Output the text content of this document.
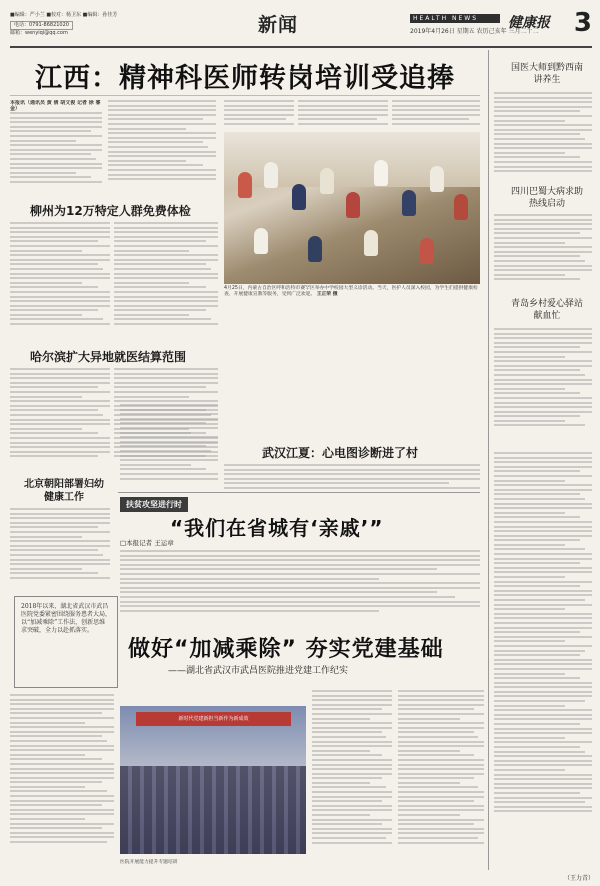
■编辑：严小兰 ■校对：杨卫东 ■编辑：孙佳芳
电话：0791-86821020
邮箱：wenyiqi@qq.com	新闻	HEALTH NEWS
2019年4月26日 星期五 农历己亥年 三月二十二
健康报 3
江西：精神科医师转岗培训受追捧
本报讯（通讯员 黄 倩 胡文俊 记者 徐 睿 金）
柳州为12万特定人群免费体检
4月25日，内蒙古自治区呼和浩特市赛罕区举办中学校园大型义诊活动。当天，医护人员深入校园，为学生们提供健康检查、开展健康宣教等服务，受到广泛欢迎。 王正荣 摄
哈尔滨扩大异地就医结算范围
北京朝阳部署妇幼健康工作
武汉江夏：心电图诊断进了村
国医大师到黔西南讲养生
四川巴蜀大病求助热线启动
青岛乡村爱心驿站献血忙
扶贫攻坚进行时
“我们在省城有‘亲戚’”
□本报记者 王运章
2018年以来，湖北省武汉市武昌医院党委紧密围绕服务患者大局，以“加减乘除”工作法，创新思维求突破，全力以赴抓落实。
做好“加减乘除” 夯实党建基础
——湖北省武汉市武昌医院推进党建工作纪实
新时代党建新担当新作为新成效
医院开展能力提升专题培训
（王力青）
